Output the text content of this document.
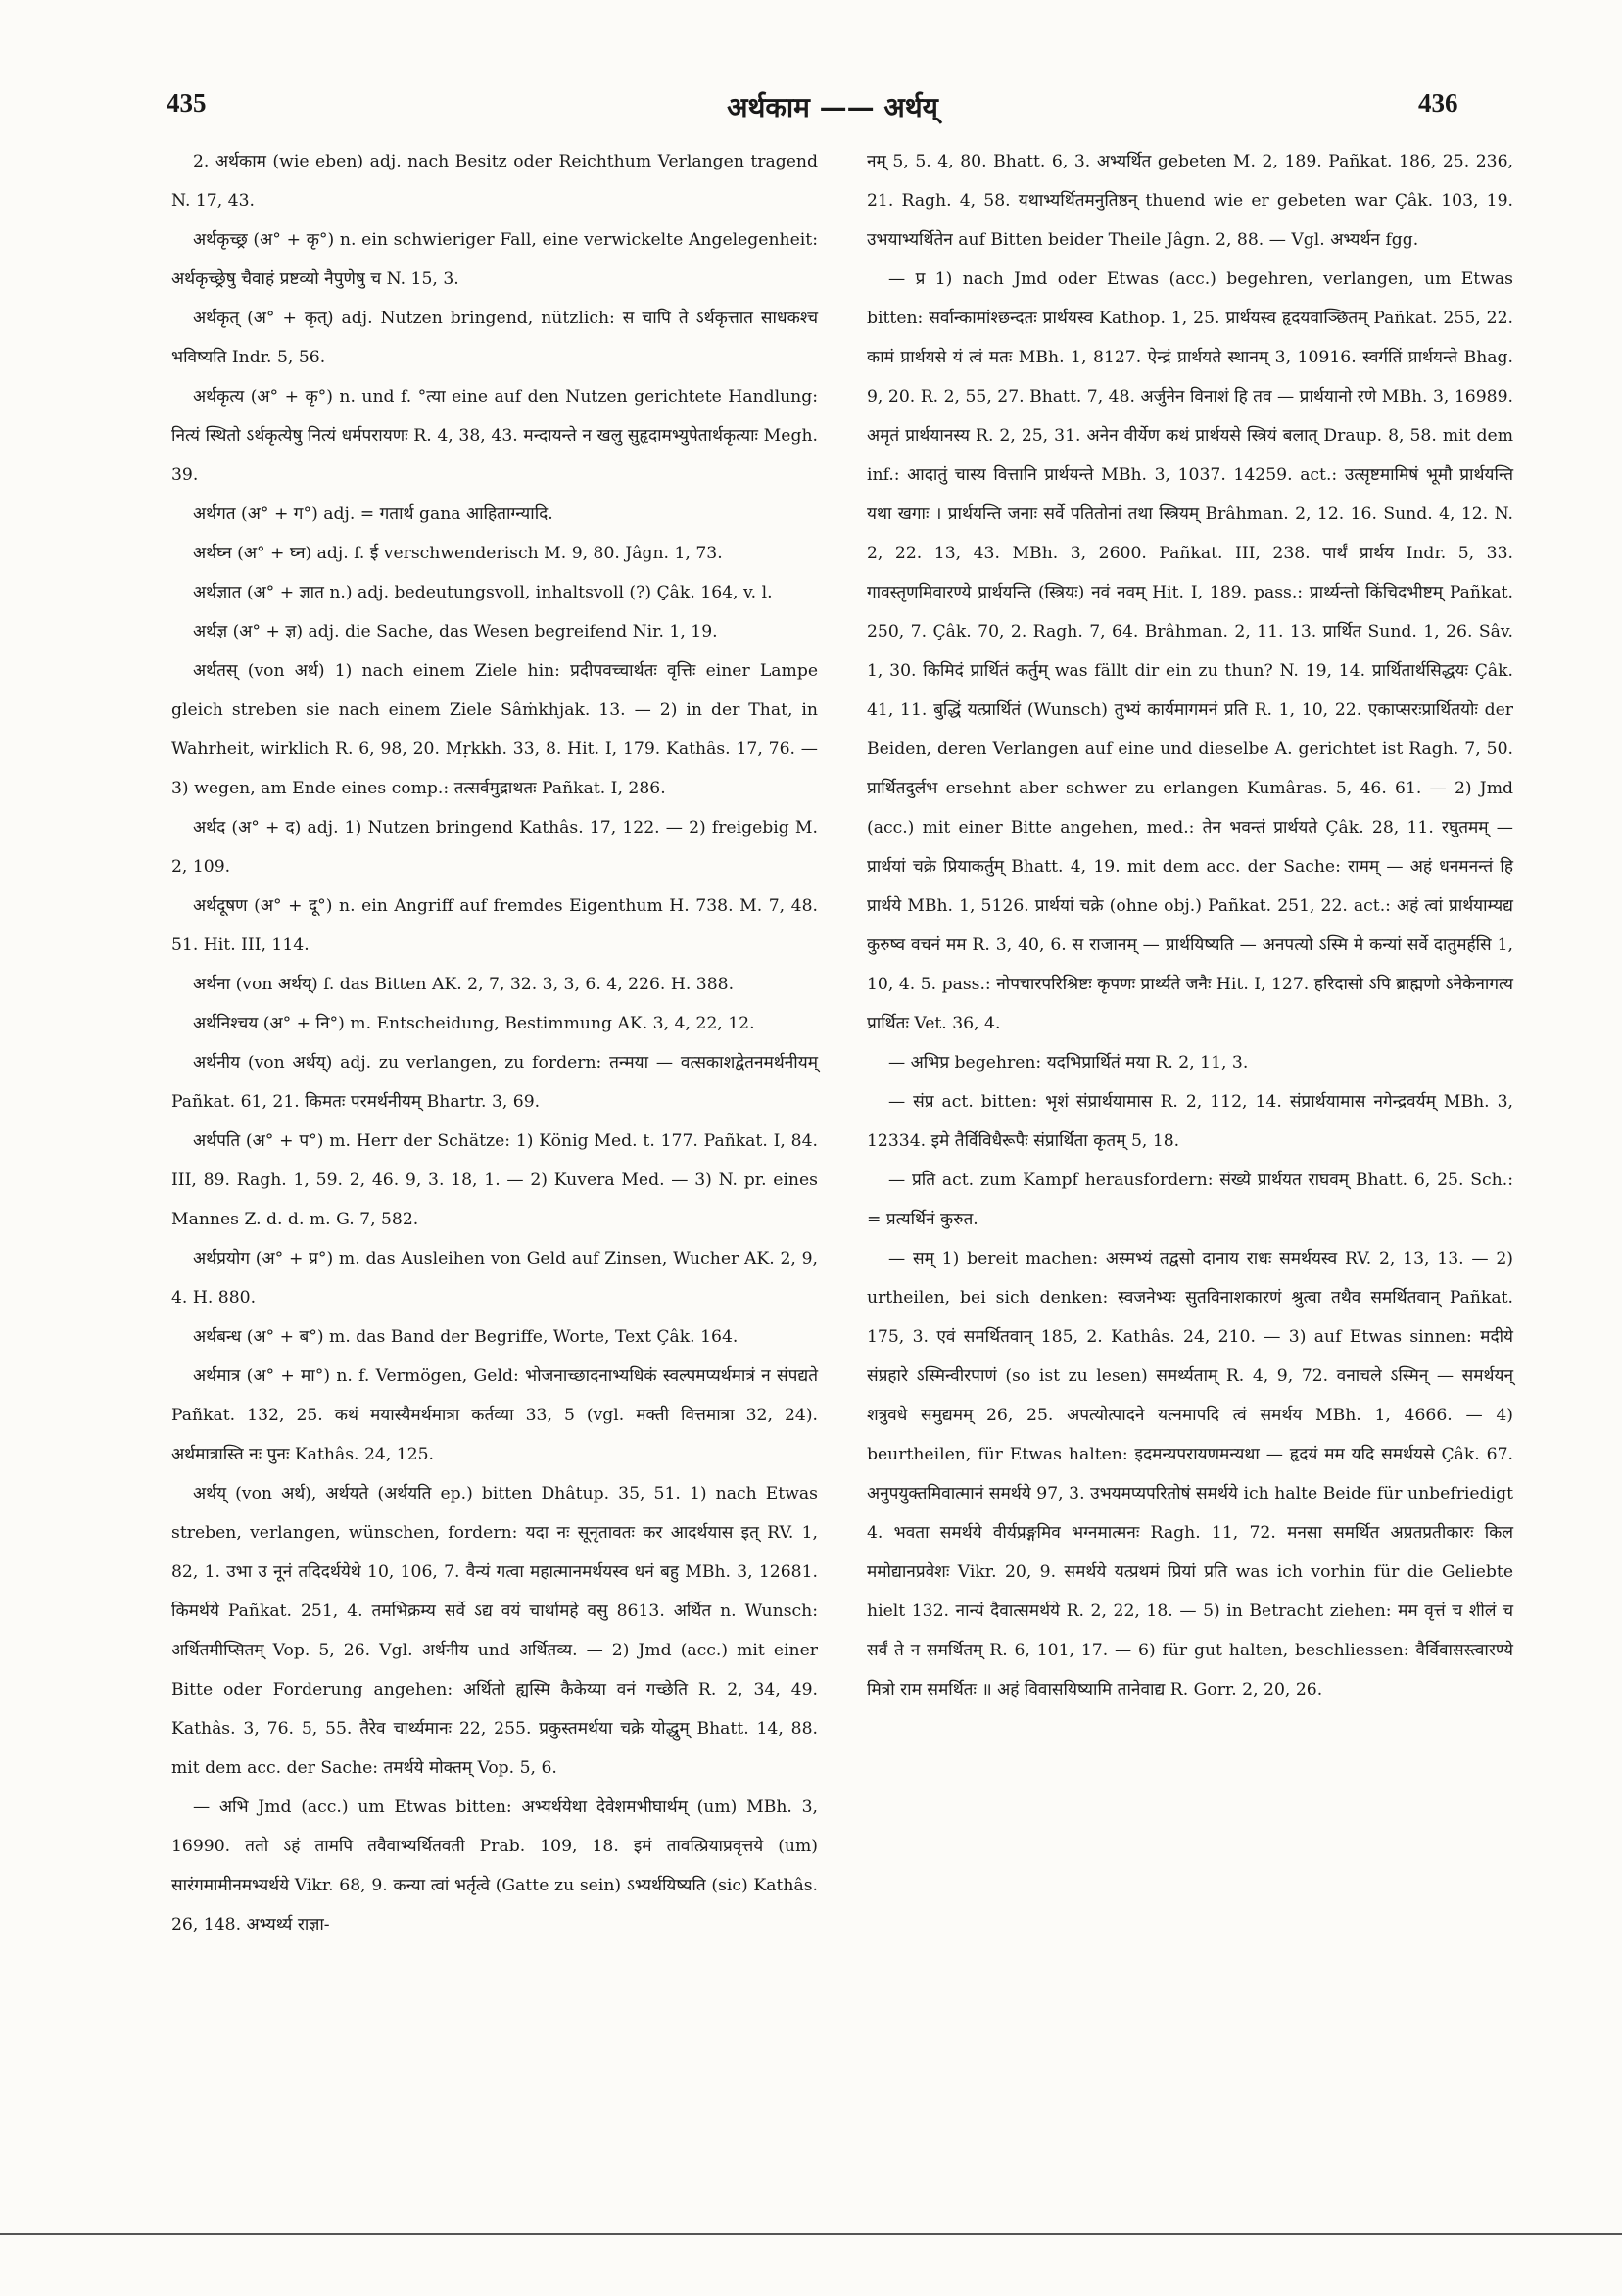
435	अर्थकाम —— अर्थय्	436

2. अर्थकाम (wie eben) adj. nach Besitz oder Reichthum Verlangen tragend N. 17, 43.

अर्थकृच्छ्र (अ° + कृ°) n. ein schwieriger Fall, eine verwickelte Angelegenheit: अर्थकृच्छ्रेषु चैवाहं प्रष्टव्यो नैपुणेषु च N. 15, 3.

अर्थकृत् (अ° + कृत्) adj. Nutzen bringend, nützlich: स चापि ते ऽर्थकृत्तात साधकश्च भविष्यति Indr. 5, 56.

अर्थकृत्य (अ° + कृ°) n. und f. °त्या eine auf den Nutzen gerichtete Handlung: नित्यं स्थितो ऽर्थकृत्येषु नित्यं धर्मपरायणः R. 4, 38, 43. मन्दायन्ते न खलु सुहृदामभ्युपेतार्थकृत्याः Megh. 39.

अर्थगत (अ° + ग°) adj. = गतार्थ gana आहिताग्न्यादि.

अर्थघ्न (अ° + घ्न) adj. f. ई verschwenderisch M. 9, 80. Jâgn. 1, 73.

अर्थज्ञात (अ° + ज्ञात n.) adj. bedeutungsvoll, inhaltsvoll (?) Çâk. 164, v. l.

अर्थज्ञ (अ° + ज्ञ) adj. die Sache, das Wesen begreifend Nir. 1, 19.

अर्थतस् (von अर्थ) 1) nach einem Ziele hin: प्रदीपवच्चार्थतः वृत्तिः einer Lampe gleich streben sie nach einem Ziele Sâṁkhjak. 13. — 2) in der That, in Wahrheit, wirklich R. 6, 98, 20. Mṛkkh. 33, 8. Hit. I, 179. Kathâs. 17, 76. — 3) wegen, am Ende eines comp.: तत्सर्वमुद्राथतः Pañkat. I, 286.

अर्थद (अ° + द) adj. 1) Nutzen bringend Kathâs. 17, 122. — 2) freigebig M. 2, 109.

अर्थदूषण (अ° + दू°) n. ein Angriff auf fremdes Eigenthum H. 738. M. 7, 48. 51. Hit. III, 114.

अर्थना (von अर्थय्) f. das Bitten AK. 2, 7, 32. 3, 3, 6. 4, 226. H. 388.

अर्थनिश्चय (अ° + नि°) m. Entscheidung, Bestimmung AK. 3, 4, 22, 12.

अर्थनीय (von अर्थय्) adj. zu verlangen, zu fordern: तन्मया — वत्सकाशद्वेतनमर्थनीयम् Pañkat. 61, 21. किमतः परमर्थनीयम् Bhartr. 3, 69.

अर्थपति (अ° + प°) m. Herr der Schätze: 1) König Med. t. 177. Pañkat. I, 84. III, 89. Ragh. 1, 59. 2, 46. 9, 3. 18, 1. — 2) Kuvera Med. — 3) N. pr. eines Mannes Z. d. d. m. G. 7, 582.

अर्थप्रयोग (अ° + प्र°) m. das Ausleihen von Geld auf Zinsen, Wucher AK. 2, 9, 4. H. 880.

अर्थबन्ध (अ° + ब°) m. das Band der Begriffe, Worte, Text Çâk. 164.

अर्थमात्र (अ° + मा°) n. f. Vermögen, Geld: भोजनाच्छादनाभ्यधिकं स्वल्पमप्यर्थमात्रं न संपद्यते Pañkat. 132, 25. कथं मयास्यैमर्थमात्रा कर्तव्या 33, 5 (vgl. मक्ती वित्तमात्रा 32, 24). अर्थमात्रास्ति नः पुनः Kathâs. 24, 125.

अर्थय् (von अर्थ), अर्थयते (अर्थयति ep.) bitten Dhâtup. 35, 51. 1) nach Etwas streben, verlangen, wünschen, fordern: यदा नः सूनृतावतः कर आदर्थयास इत् RV. 1, 82, 1. उभा उ नूनं तदिदर्थयेथे 10, 106, 7. वैन्यं गत्वा महात्मानमर्थयस्व धनं बहु MBh. 3, 12681. किमर्थये Pañkat. 251, 4. तमभिक्रम्य सर्वे ऽद्य वयं चार्थामहे वसु 8613. अर्थित n. Wunsch: अर्थितमीप्सितम् Vop. 5, 26. Vgl. अर्थनीय und अर्थितव्य. — 2) Jmd (acc.) mit einer Bitte oder Forderung angehen: अर्थितो ह्यस्मि कैकेय्या वनं गच्छेति R. 2, 34, 49. Kathâs. 3, 76. 5, 55. तैरेव चार्थ्यमानः 22, 255. प्रकुस्तमर्थया चक्रे योद्धुम् Bhatt. 14, 88. mit dem acc. der Sache: तमर्थये मोक्तम् Vop. 5, 6.

— अभि Jmd (acc.) um Etwas bitten: अभ्यर्थयेथा देवेशमभीघार्थम् (um) MBh. 3, 16990. ततो ऽहं तामपि तवैवाभ्यर्थितवती Prab. 109, 18. इमं तावत्प्रियाप्रवृत्तये (um) सारंगमामीनमभ्यर्थये Vikr. 68, 9. कन्या त्वां भर्तृत्वे (Gatte zu sein) ऽभ्यर्थयिष्यति (sic) Kathâs. 26, 148. अभ्यर्थ्य राज्ञा-

नम् 5, 5. 4, 80. Bhatt. 6, 3. अभ्यर्थित gebeten M. 2, 189. Pañkat. 186, 25. 236, 21. Ragh. 4, 58. यथाभ्यर्थितमनुतिष्ठन् thuend wie er gebeten war Çâk. 103, 19. उभयाभ्यर्थितेन auf Bitten beider Theile Jâgn. 2, 88. — Vgl. अभ्यर्थन fgg.

— प्र 1) nach Jmd oder Etwas (acc.) begehren, verlangen, um Etwas bitten: सर्वान्कामांश्छन्दतः प्रार्थयस्व Kathop. 1, 25. प्रार्थयस्व हृदयवाञ्छितम् Pañkat. 255, 22. कामं प्रार्थयसे यं त्वं मतः MBh. 1, 8127. ऐन्द्रं प्रार्थयते स्थानम् 3, 10916. स्वर्गतिं प्रार्थयन्ते Bhag. 9, 20. R. 2, 55, 27. Bhatt. 7, 48. अर्जुनेन विनाशं हि तव — प्रार्थयानो रणे MBh. 3, 16989. अमृतं प्रार्थयानस्य R. 2, 25, 31. अनेन वीर्येण कथं प्रार्थयसे स्त्रियं बलात् Draup. 8, 58. mit dem inf.: आदातुं चास्य वित्तानि प्रार्थयन्ते MBh. 3, 1037. 14259. act.: उत्सृष्टमामिषं भूमौ प्रार्थयन्ति यथा खगाः । प्रार्थयन्ति जनाः सर्वे पतितोनां तथा स्त्रियम् Brâhman. 2, 12. 16. Sund. 4, 12. N. 2, 22. 13, 43. MBh. 3, 2600. Pañkat. III, 238. पार्थं प्रार्थय Indr. 5, 33. गावस्तृणमिवारण्ये प्रार्थयन्ति (स्त्रियः) नवं नवम् Hit. I, 189. pass.: प्रार्थ्यन्तो किंचिदभीष्टम् Pañkat. 250, 7. Çâk. 70, 2. Ragh. 7, 64. Brâhman. 2, 11. 13. प्रार्थित Sund. 1, 26. Sâv. 1, 30. किमिदं प्रार्थितं कर्तुम् was fällt dir ein zu thun? N. 19, 14. प्रार्थितार्थसिद्धयः Çâk. 41, 11. बुद्धिं यत्प्रार्थितं (Wunsch) तुभ्यं कार्यमागमनं प्रति R. 1, 10, 22. एकाप्सरःप्रार्थितयोः der Beiden, deren Verlangen auf eine und dieselbe A. gerichtet ist Ragh. 7, 50. प्रार्थितदुर्लभ ersehnt aber schwer zu erlangen Kumâras. 5, 46. 61. — 2) Jmd (acc.) mit einer Bitte angehen, med.: तेन भवन्तं प्रार्थयते Çâk. 28, 11. रघुतमम् — प्रार्थयां चक्रे प्रियाकर्तुम् Bhatt. 4, 19. mit dem acc. der Sache: रामम् — अहं धनमनन्तं हि प्रार्थये MBh. 1, 5126. प्रार्थयां चक्रे (ohne obj.) Pañkat. 251, 22. act.: अहं त्वां प्रार्थयाम्यद्य कुरुष्व वचनं मम R. 3, 40, 6. स राजानम् — प्रार्थयिष्यति — अनपत्यो ऽस्मि मे कन्यां सर्वे दातुमर्हसि 1, 10, 4. 5. pass.: नोपचारपरिश्रिष्टः कृपणः प्रार्थ्यते जनैः Hit. I, 127. हरिदासो ऽपि ब्राह्मणो ऽनेकेनागत्य प्रार्थितः Vet. 36, 4.

— अभिप्र begehren: यदभिप्रार्थितं मया R. 2, 11, 3.

— संप्र act. bitten: भृशं संप्रार्थयामास R. 2, 112, 14. संप्रार्थयामास नगेन्द्रवर्यम् MBh. 3, 12334. इमे तैर्विविधैरूपैः संप्रार्थिता कृतम् 5, 18.

— प्रति act. zum Kampf herausfordern: संख्ये प्रार्थयत राघवम् Bhatt. 6, 25. Sch.: = प्रत्यर्थिनं कुरुत.

— सम् 1) bereit machen: अस्मभ्यं तद्वसो दानाय राधः समर्थयस्व RV. 2, 13, 13. — 2) urtheilen, bei sich denken: स्वजनेभ्यः सुतविनाशकारणं श्रुत्वा तथैव समर्थितवान् Pañkat. 175, 3. एवं समर्थितवान् 185, 2. Kathâs. 24, 210. — 3) auf Etwas sinnen: मदीये संप्रहारे ऽस्मिन्वीरपाणं (so ist zu lesen) समर्थ्यताम् R. 4, 9, 72. वनाचले ऽस्मिन् — समर्थयन् शत्रुवधे समुद्यमम् 26, 25. अपत्योत्पादने यत्नमापदि त्वं समर्थय MBh. 1, 4666. — 4) beurtheilen, für Etwas halten: इदमन्यपरायणमन्यथा — हृदयं मम यदि समर्थयसे Çâk. 67. अनुपयुक्तमिवात्मानं समर्थये 97, 3. उभयमप्यपरितोषं समर्थये ich halte Beide für unbefriedigt 4. भवता समर्थये वीर्यप्रङ्गमिव भग्नमात्मनः Ragh. 11, 72. मनसा समर्थित अप्रतप्रतीकारः किल ममोद्यानप्रवेशः Vikr. 20, 9. समर्थये यत्प्रथमं प्रियां प्रति was ich vorhin für die Geliebte hielt 132. नान्यं दैवात्समर्थये R. 2, 22, 18. — 5) in Betracht ziehen: मम वृत्तं च शीलं च सर्वं ते न समर्थितम् R. 6, 101, 17. — 6) für gut halten, beschliessen: वैर्विवासस्त्वारण्ये मित्रो राम समर्थितः ॥ अहं विवासयिष्यामि तानेवाद्य R. Gorr. 2, 20, 26.
